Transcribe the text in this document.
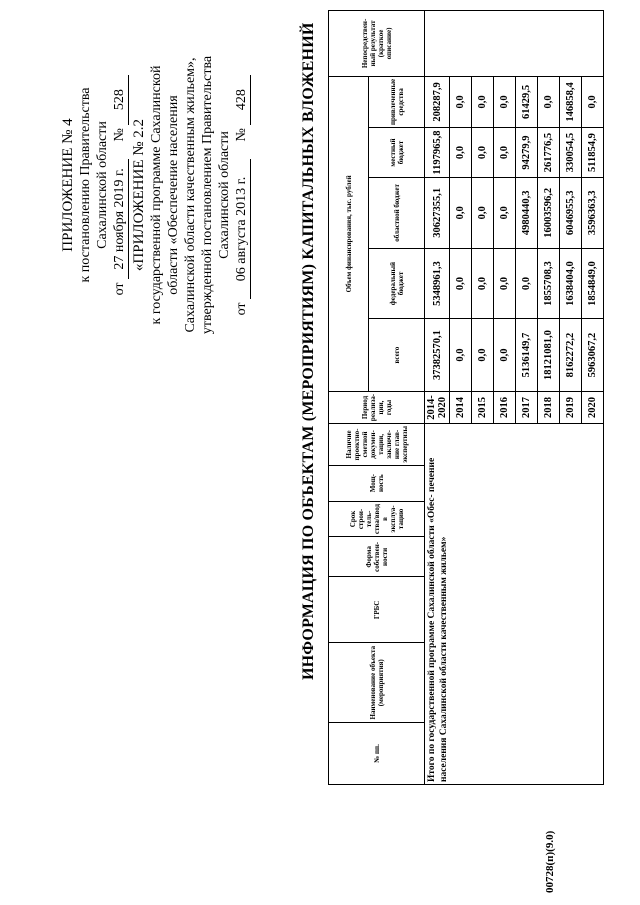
00728(п)(9.0)
ПРИЛОЖЕНИЕ № 4 к постановлению Правительства Сахалинской области
от 27 ноября 2019 г.     № 528
«ПРИЛОЖЕНИЕ № 2.2 к государственной программе Сахалинской области «Обеспечение населения Сахалинской области качественным жильем», утвержденной постановлением Правительства Сахалинской области
от 06 августа 2013 г.     № 428	ИНФОРМАЦИЯ ПО ОБЪЕКТАМ (МЕРОПРИЯТИЯМ) КАПИТАЛЬНЫХ ВЛОЖЕНИЙ
№ пп.	Наименование объекта (мероприятия)	ГРБС	Форма собствен- ности	Срок строи- тель- ства/ввод в эксплуа- тацию	Мощ- ность	Наличие проектно- сметной докумен- тации, заключе- ние глав- экспертизы	Период реализа- ции, годы	Объем финансирования, тыс. рублей					Непосредствен- ный результат (краткое описание)
								всего	федеральный бюджет	областной бюджет	местный бюджет	привлеченные средства	
Итого по государственной программе Сахалинской области «Обес- печение населения Сахалинской области качественным жильем»							2014- 2020	37382570,1	5348961,3	30627355,1	1197965,8	208287,9	
							2014	0,0	0,0	0,0	0,0	0,0	
							2015	0,0	0,0	0,0	0,0	0,0	
							2016	0,0	0,0	0,0	0,0	0,0	
							2017	5136149,7	0,0	4980440,3	94279,9	61429,5	
							2018	18121081,0	1855708,3	16003596,2	261776,5	0,0	
							2019	8162272,2	1638404,0	6046955,3	330054,5	146858,4	
							2020	5963067,2	1854849,0	3596363,3	511854,9	0,0	
